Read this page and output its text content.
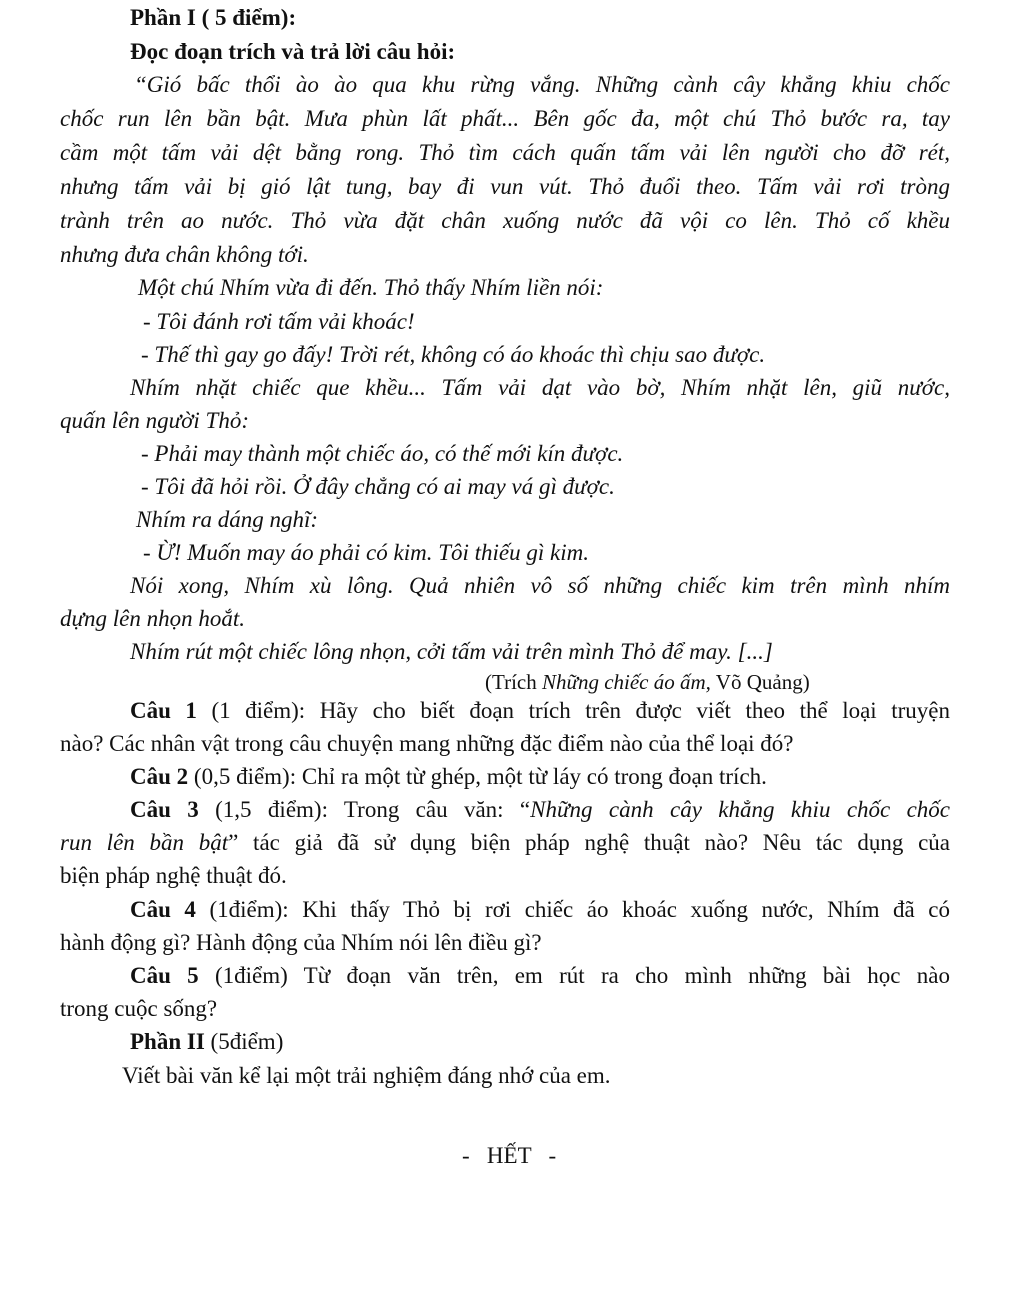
Phần I ( 5 điểm):

Đọc đoạn trích và trả lời câu hỏi:

“Gió bấc thổi ào ào qua khu rừng vắng. Những cành cây khẳng khiu chốc

chốc run lên bần bật. Mưa phùn lất phất... Bên gốc đa, một chú Thỏ bước ra, tay

cầm một tấm vải dệt bằng rong. Thỏ tìm cách quấn tấm vải lên người cho đỡ rét,

nhưng tấm vải bị gió lật tung, bay đi vun vút. Thỏ đuổi theo. Tấm vải rơi tròng

trành trên ao nước. Thỏ vừa đặt chân xuống nước đã vội co lên. Thỏ cố khều

nhưng đưa chân không tới.

Một chú Nhím vừa đi đến. Thỏ thấy Nhím liền nói:

- Tôi đánh rơi tấm vải khoác!

- Thế thì gay go đấy! Trời rét, không có áo khoác thì chịu sao được.

Nhím nhặt chiếc que khều... Tấm vải dạt vào bờ, Nhím nhặt lên, giũ nước,

quấn lên người Thỏ:

- Phải may thành một chiếc áo, có thế mới kín được.

- Tôi đã hỏi rồi. Ở đây chẳng có ai may vá gì được.

Nhím ra dáng nghĩ:

- Ừ! Muốn may áo phải có kim. Tôi thiếu gì kim.

Nói xong, Nhím xù lông. Quả nhiên vô số những chiếc kim trên mình nhím

dựng lên nhọn hoắt.

Nhím rút một chiếc lông nhọn, cởi tấm vải trên mình Thỏ để may. [...]

(Trích Những chiếc áo ấm, Võ Quảng)

Câu 1 (1 điểm): Hãy cho biết đoạn trích trên được viết theo thể loại truyện

nào? Các nhân vật trong câu chuyện mang những đặc điểm nào của thể loại đó?

Câu 2 (0,5 điểm): Chỉ ra một từ ghép, một từ láy có trong đoạn trích.

Câu 3 (1,5 điểm): Trong câu văn: “Những cành cây khẳng khiu chốc chốc

run lên bần bật” tác giả đã sử dụng biện pháp nghệ thuật nào? Nêu tác dụng của

biện pháp nghệ thuật đó.

Câu 4 (1điểm): Khi thấy Thỏ bị rơi chiếc áo khoác xuống nước, Nhím đã có

hành động gì? Hành động của Nhím nói lên điều gì?

Câu 5 (1điểm) Từ đoạn văn trên, em rút ra cho mình những bài học nào

trong cuộc sống?

Phần II (5điểm)

Viết bài văn kể lại một trải nghiệm đáng nhớ của em.

-   HẾT   -
